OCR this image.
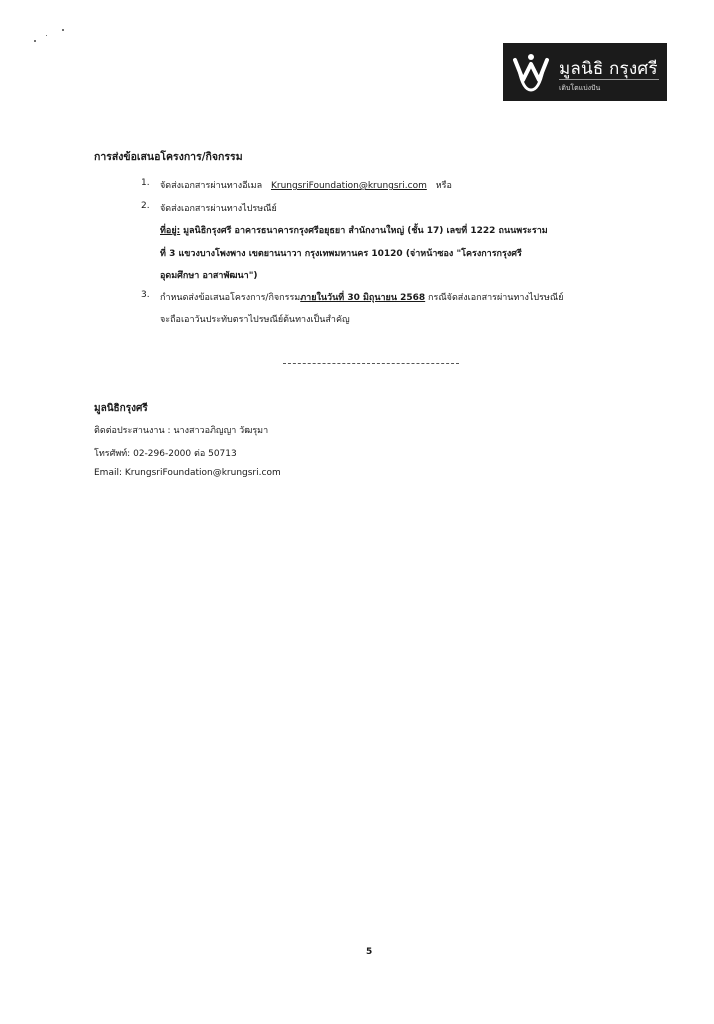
มูลนิธิ กรุงศรี
เติบโตแบ่งปัน
การส่งข้อเสนอโครงการ/กิจกรรม
1. จัดส่งเอกสารผ่านทางอีเมล KrungsriFoundation@krungsri.com หรือ
2. จัดส่งเอกสารผ่านทางไปรษณีย์
ที่อยู่: มูลนิธิกรุงศรี อาคารธนาคารกรุงศรีอยุธยา สำนักงานใหญ่ (ชั้น 17) เลขที่ 1222 ถนนพระราม
ที่ 3 แขวงบางโพงพาง เขตยานนาวา กรุงเทพมหานคร 10120 (จ่าหน้าซอง "โครงการกรุงศรี
อุดมศึกษา อาสาพัฒนา")
3. กำหนดส่งข้อเสนอโครงการ/กิจกรรมภายในวันที่ 30 มิถุนายน 2568 กรณีจัดส่งเอกสารผ่านทางไปรษณีย์
จะถือเอาวันประทับตราไปรษณีย์ต้นทางเป็นสำคัญ
มูลนิธิกรุงศรี
ติดต่อประสานงาน : นางสาวอภิญญา วัฒรุมา
โทรศัพท์: 02-296-2000 ต่อ 50713
Email: KrungsriFoundation@krungsri.com
5
